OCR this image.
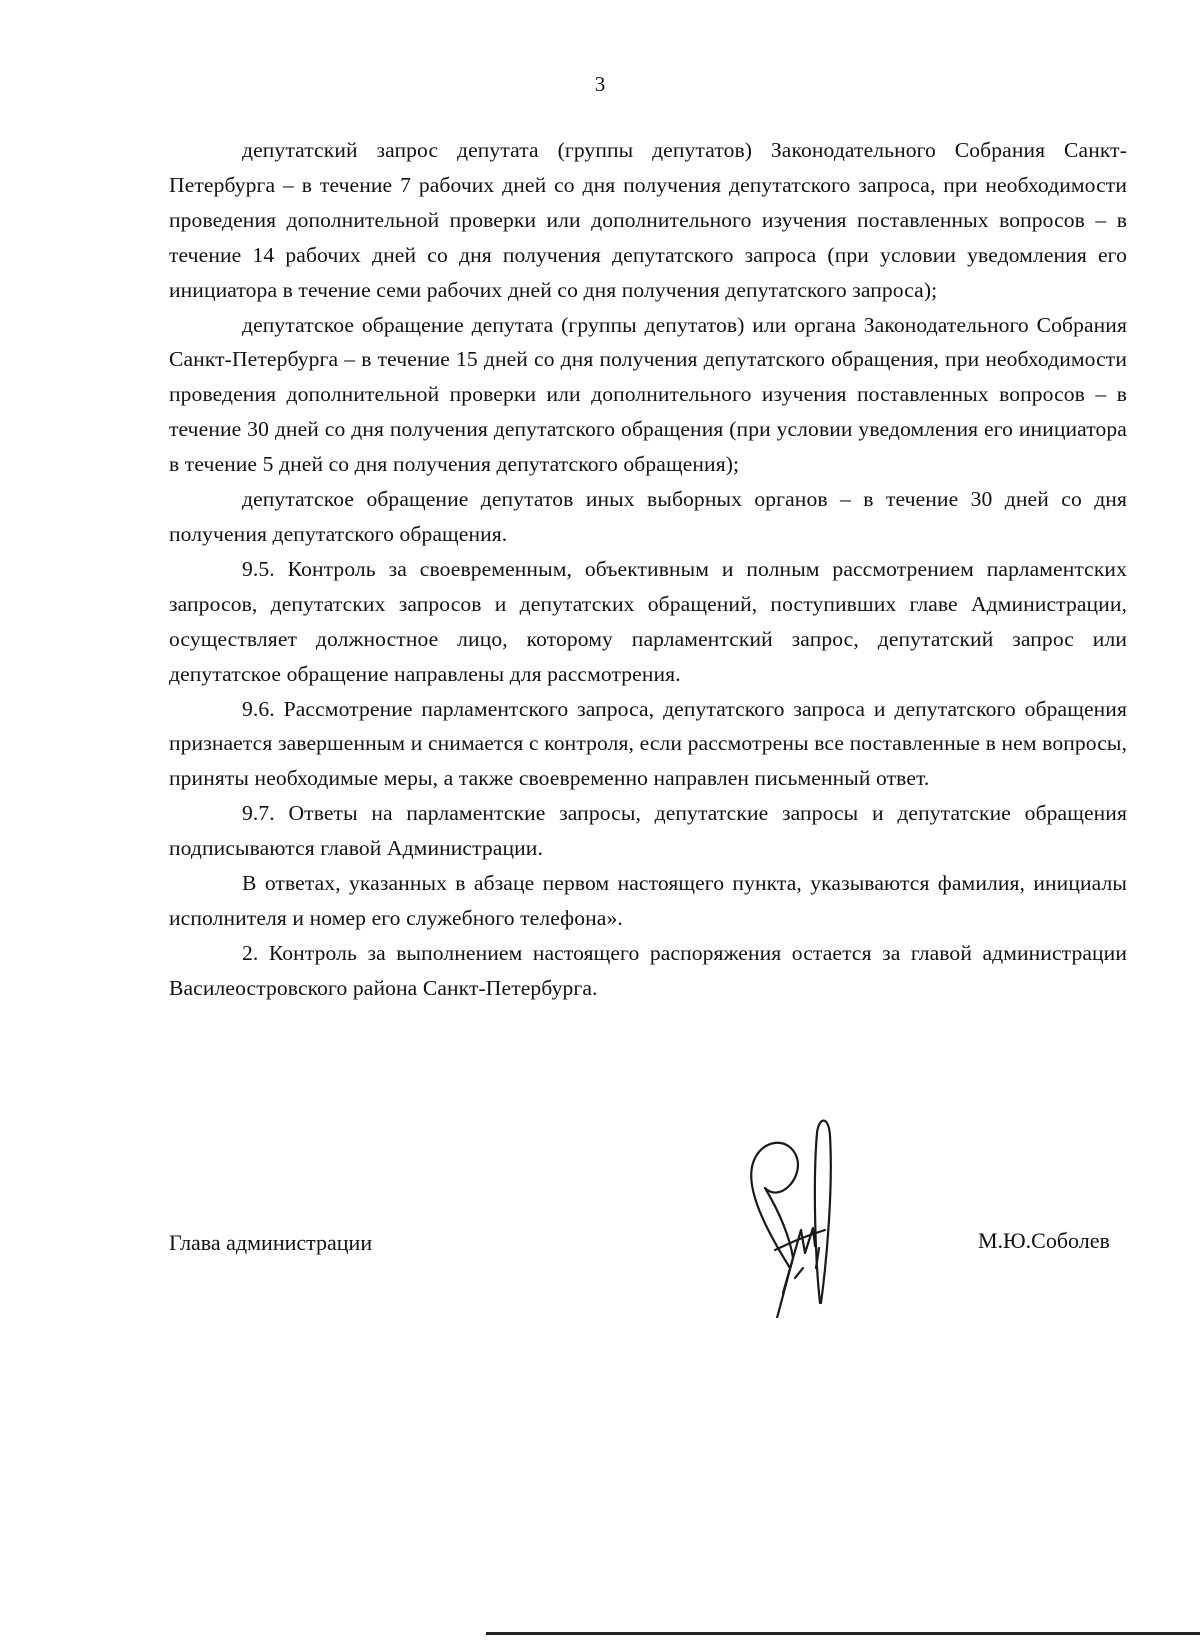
3

депутатский запрос депутата (группы депутатов) Законодательного Собрания Санкт-Петербурга – в течение 7 рабочих дней со дня получения депутатского запроса, при необходимости проведения дополнительной проверки или дополнительного изучения поставленных вопросов – в течение 14 рабочих дней со дня получения депутатского запроса (при условии уведомления его инициатора в течение семи рабочих дней со дня получения депутатского запроса);

депутатское обращение депутата (группы депутатов) или органа Законодательного Собрания Санкт-Петербурга – в течение 15 дней со дня получения депутатского обращения, при необходимости проведения дополнительной проверки или дополнительного изучения поставленных вопросов – в течение 30 дней со дня получения депутатского обращения (при условии уведомления его инициатора в течение 5 дней со дня получения депутатского обращения);

депутатское обращение депутатов иных выборных органов – в течение 30 дней со дня получения депутатского обращения.

9.5. Контроль за своевременным, объективным и полным рассмотрением парламентских запросов, депутатских запросов и депутатских обращений, поступивших главе Администрации, осуществляет должностное лицо, которому парламентский запрос, депутатский запрос или депутатское обращение направлены для рассмотрения.

9.6. Рассмотрение парламентского запроса, депутатского запроса и депутатского обращения признается завершенным и снимается с контроля, если рассмотрены все поставленные в нем вопросы, приняты необходимые меры, а также своевременно направлен письменный ответ.

9.7. Ответы на парламентские запросы, депутатские запросы и депутатские обращения подписываются главой Администрации.

В ответах, указанных в абзаце первом настоящего пункта, указываются фамилия, инициалы исполнителя и номер его служебного телефона».

2. Контроль за выполнением настоящего распоряжения остается за главой администрации Василеостровского района Санкт-Петербурга.

Глава администрации	М.Ю.Соболев
